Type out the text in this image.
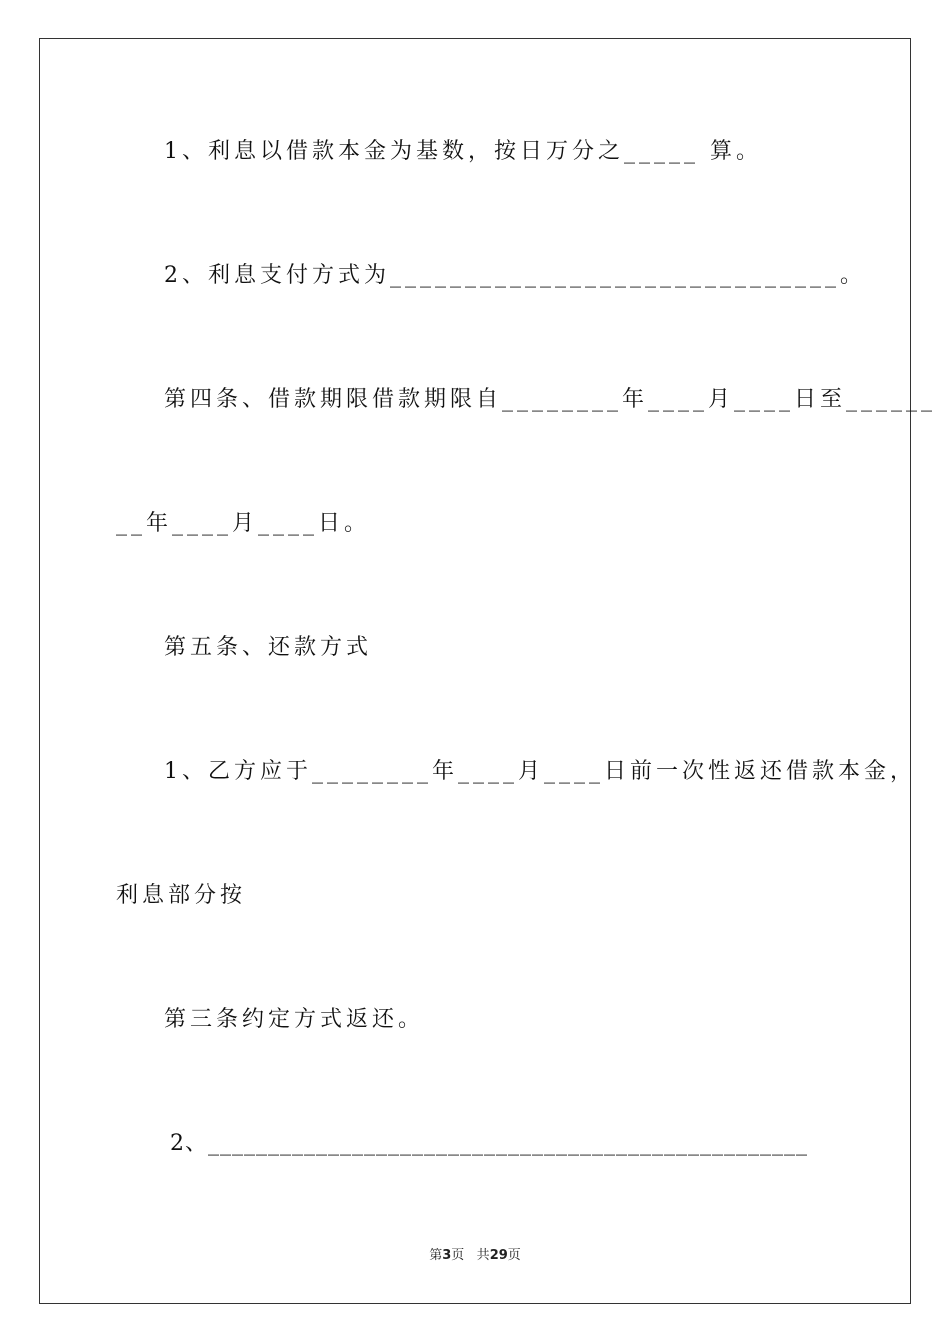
1、利息以借款本金为基数，按日万分之_____ 算。
2、利息支付方式为______________________________。
第四条、借款期限借款期限自________年____月____日至______
__年____月____日。
第五条、还款方式
1、乙方应于________年____月____日前一次性返还借款本金，
利息部分按
第三条约定方式返还。
2、__________________________________________________
第3页 共29页
